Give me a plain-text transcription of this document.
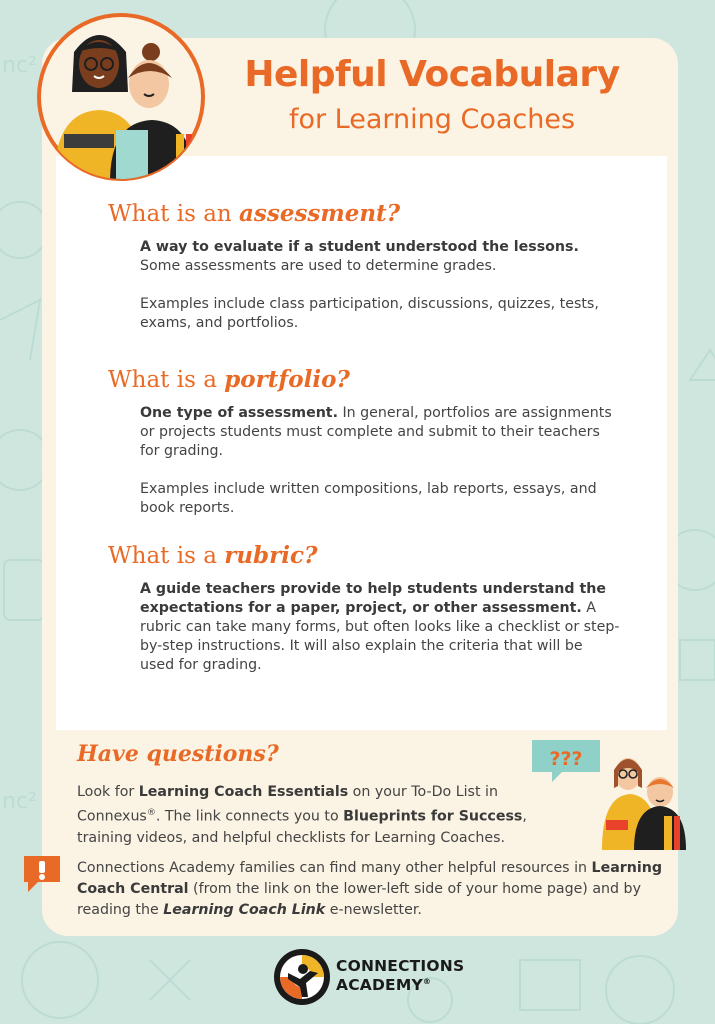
nc²
nc²
Helpful Vocabulary
for Learning Coaches
What is an assessment?

A way to evaluate if a student understood the lessons.
Some assessments are used to determine grades.

Examples include class participation, discussions, quizzes, tests, exams, and portfolios.

What is a portfolio?

One type of assessment. In general, portfolios are assignments or projects students must complete and submit to their teachers for grading.

Examples include written compositions, lab reports, essays, and book reports.

What is a rubric?

A guide teachers provide to help students understand the expectations for a paper, project, or other assessment. A rubric can take many forms, but often looks like a checklist or step-by-step instructions. It will also explain the criteria that will be used for grading.

Have questions?
Look for Learning Coach Essentials on your To-Do List in Connexus®. The link connects you to Blueprints for Success, training videos, and helpful checklists for Learning Coaches.
???
Connections Academy families can find many other helpful resources in Learning Coach Central (from the link on the lower-left side of your home page) and by reading the Learning Coach Link e-newsletter.
CONNECTIONS
ACADEMY®
